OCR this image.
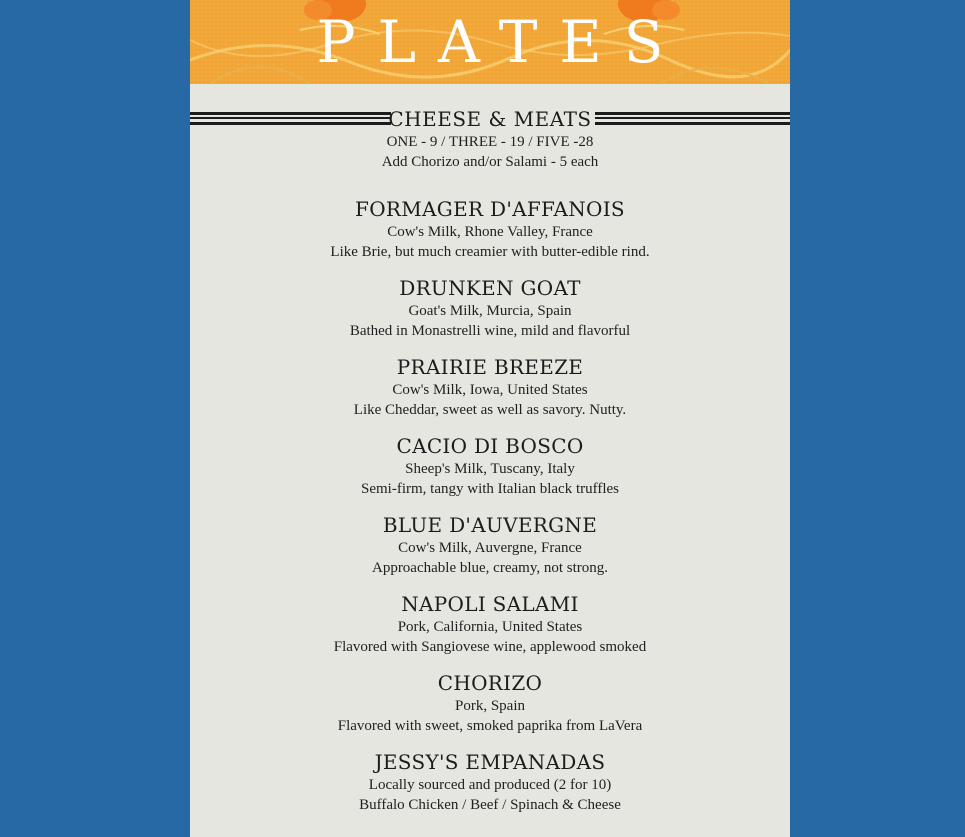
PLATES
CHEESE & MEATS
ONE - 9 / THREE - 19 / FIVE -28
Add Chorizo and/or Salami - 5 each
FORMAGER D'AFFANOIS
Cow's Milk, Rhone Valley, France
Like Brie, but much creamier with butter-edible rind.
DRUNKEN GOAT
Goat's Milk, Murcia, Spain
Bathed in Monastrelli wine, mild and flavorful
PRAIRIE BREEZE
Cow's Milk, Iowa, United States
Like Cheddar, sweet as well as savory. Nutty.
CACIO DI BOSCO
Sheep's Milk, Tuscany, Italy
Semi-firm, tangy with Italian black truffles
BLUE D'AUVERGNE
Cow's Milk, Auvergne, France
Approachable blue, creamy, not strong.
NAPOLI SALAMI
Pork, California, United States
Flavored with Sangiovese wine, applewood smoked
CHORIZO
Pork, Spain
Flavored with sweet, smoked paprika from LaVera
JESSY'S EMPANADAS
Locally sourced and produced (2 for 10)
Buffalo Chicken / Beef / Spinach & Cheese
